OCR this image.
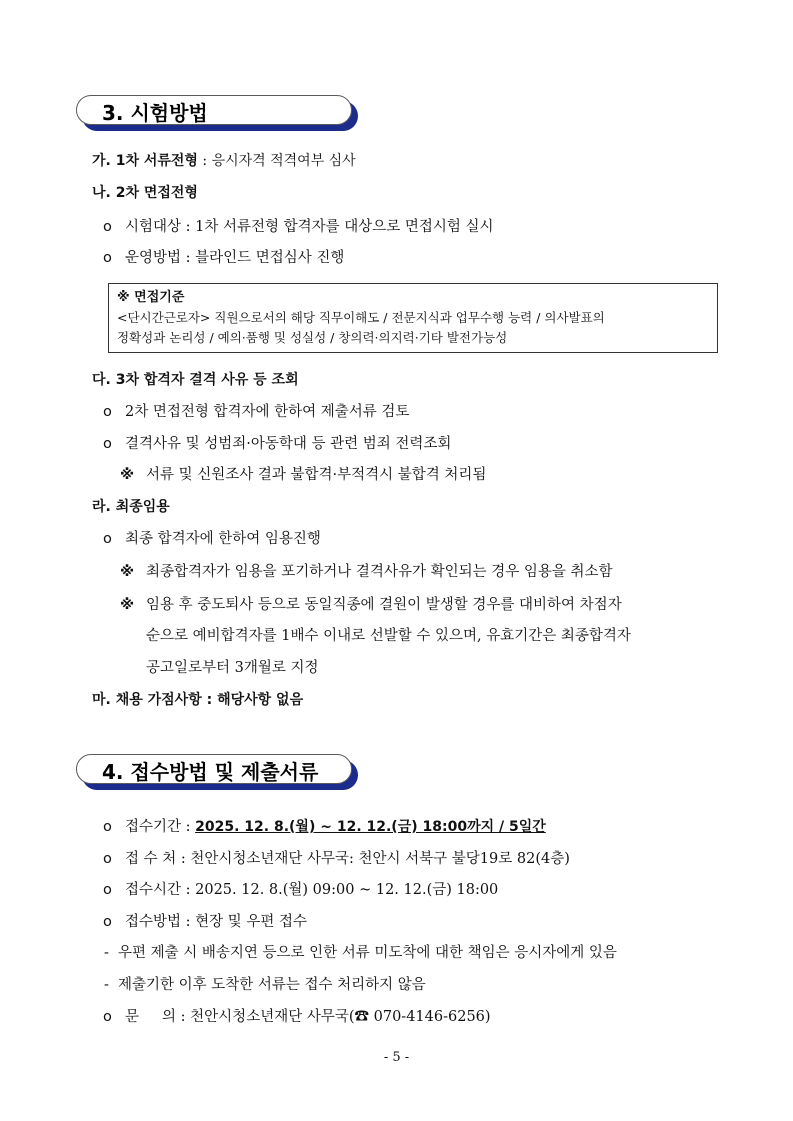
3. 시험방법
가. 1차 서류전형 : 응시자격 적격여부 심사
나. 2차 면접전형
o 시험대상 : 1차 서류전형 합격자를 대상으로 면접시험 실시
o 운영방법 : 블라인드 면접심사 진행
※ 면접기준
<단시간근로자> 직원으로서의 해당 직무이해도 / 전문지식과 업무수행 능력 / 의사발표의
정확성과 논리성 / 예의·품행 및 성실성 / 창의력·의지력·기타 발전가능성
다. 3차 합격자 결격 사유 등 조회
o 2차 면접전형 합격자에 한하여 제출서류 검토
o 결격사유 및 성범죄·아동학대 등 관련 범죄 전력조회
※ 서류 및 신원조사 결과 불합격·부적격시 불합격 처리됨
라. 최종임용
o 최종 합격자에 한하여 임용진행
※ 최종합격자가 임용을 포기하거나 결격사유가 확인되는 경우 임용을 취소함
※ 임용 후 중도퇴사 등으로 동일직종에 결원이 발생할 경우를 대비하여 차점자
순으로 예비합격자를 1배수 이내로 선발할 수 있으며, 유효기간은 최종합격자
공고일로부터 3개월로 지정
마. 채용 가점사항 : 해당사항 없음
4. 접수방법 및 제출서류
o 접수기간 : 2025. 12. 8.(월) ~ 12. 12.(금) 18:00까지 / 5일간
o 접 수 처 : 천안시청소년재단 사무국: 천안시 서북구 불당19로 82(4층)
o 접수시간 : 2025. 12. 8.(월) 09:00 ~ 12. 12.(금) 18:00
o 접수방법 : 현장 및 우편 접수
- 우편 제출 시 배송지연 등으로 인한 서류 미도착에 대한 책임은 응시자에게 있음
- 제출기한 이후 도착한 서류는 접수 처리하지 않음
o 문     의 : 천안시청소년재단 사무국(☎ 070-4146-6256)
- 5 -
